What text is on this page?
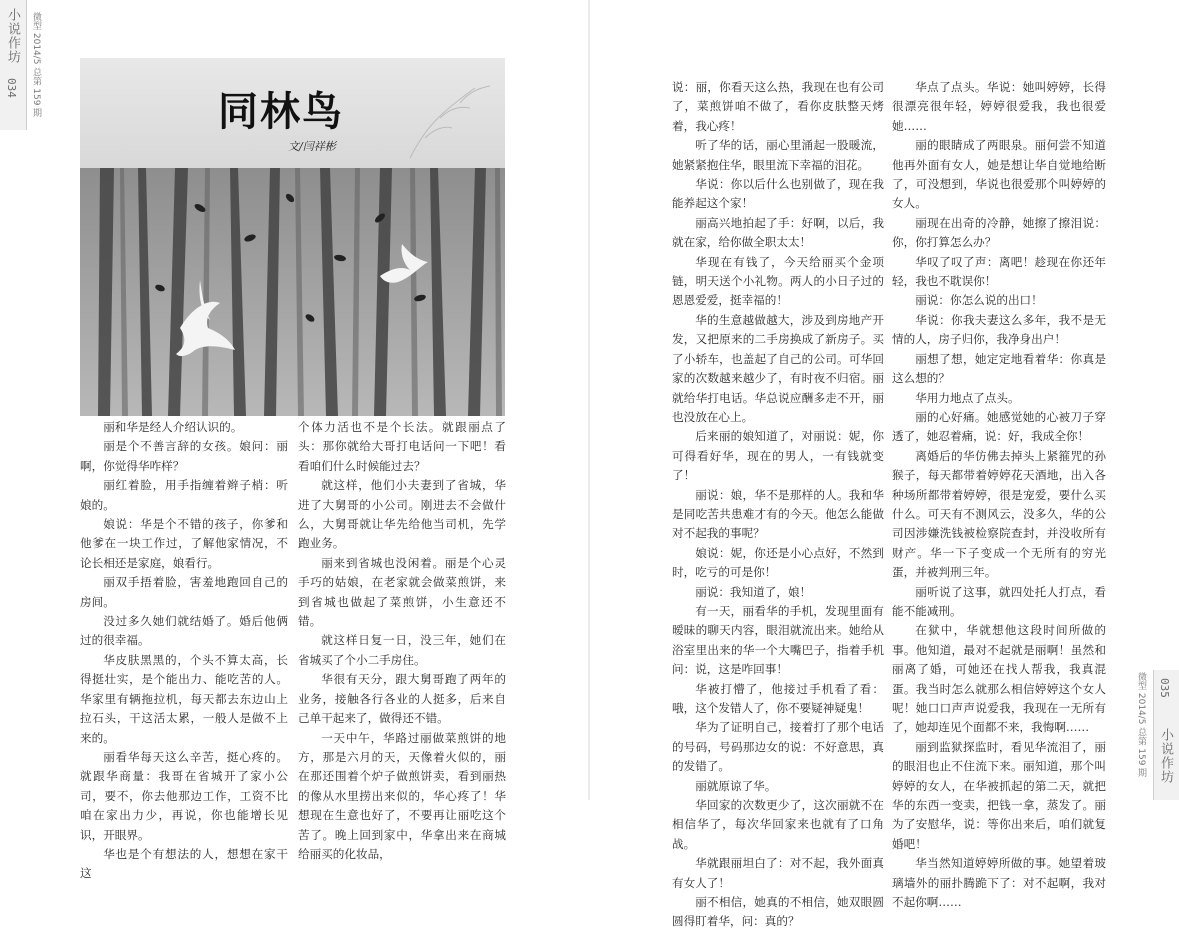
小说作坊
034 微型 2014/5 总第 159 期
小说作坊
035
微型 2014/5 总第 159 期
同林鸟
文/闫祥彬

丽和华是经人介绍认识的。

丽是个不善言辞的女孩。娘问：丽啊，你觉得华咋样？

丽红着脸，用手指缠着辫子梢：听娘的。

娘说：华是个不错的孩子，你爹和他爹在一块工作过，了解他家情况，不论长相还是家庭，娘看行。

丽双手捂着脸，害羞地跑回自己的房间。

没过多久她们就结婚了。婚后他俩过的很幸福。

华皮肤黑黑的，个头不算太高，长得挺壮实，是个能出力、能吃苦的人。华家里有辆拖拉机，每天都去东边山上拉石头，干这活太累，一般人是做不上来的。

丽看华每天这么辛苦，挺心疼的。就跟华商量：我哥在省城开了家小公司，要不，你去他那边工作，工资不比咱在家出力少，再说，你也能增长见识，开眼界。

华也是个有想法的人，想想在家干这

个体力活也不是个长法。就跟丽点了头：那你就给大哥打电话问一下吧！看看咱们什么时候能过去？

就这样，他们小夫妻到了省城，华进了大舅哥的小公司。刚进去不会做什么，大舅哥就让华先给他当司机，先学跑业务。

丽来到省城也没闲着。丽是个心灵手巧的姑娘，在老家就会做菜煎饼，来到省城也做起了菜煎饼，小生意还不错。

就这样日复一日，没三年，她们在省城买了个小二手房住。

华很有天分，跟大舅哥跑了两年的业务，接触各行各业的人挺多，后来自己单干起来了，做得还不错。

一天中午，华路过丽做菜煎饼的地方，那是六月的天，天像着火似的，丽在那还围着个炉子做煎饼卖，看到丽热的像从水里捞出来似的，华心疼了！华想现在生意也好了，不要再让丽吃这个苦了。晚上回到家中，华拿出来在商城给丽买的化妆品，

说：丽，你看天这么热，我现在也有公司了，菜煎饼咱不做了，看你皮肤整天烤着，我心疼！

听了华的话，丽心里涌起一股暖流，她紧紧抱住华，眼里流下幸福的泪花。

华说：你以后什么也别做了，现在我能养起这个家！

丽高兴地拍起了手：好啊，以后，我就在家，给你做全职太太！

华现在有钱了，今天给丽买个金项链，明天送个小礼物。两人的小日子过的恩恩爱爱，挺幸福的！

华的生意越做越大，涉及到房地产开发，又把原来的二手房换成了新房子。买了小轿车，也盖起了自己的公司。可华回家的次数越来越少了，有时夜不归宿。丽就给华打电话。华总说应酬多走不开，丽也没放在心上。

后来丽的娘知道了，对丽说：妮，你可得看好华，现在的男人，一有钱就变了！

丽说：娘，华不是那样的人。我和华是同吃苦共患难才有的今天。他怎么能做对不起我的事呢？

娘说：妮，你还是小心点好，不然到时，吃亏的可是你！

丽说：我知道了，娘！

有一天，丽看华的手机，发现里面有暧昧的聊天内容，眼泪就流出来。她给从浴室里出来的华一个大嘴巴子，指着手机问：说，这是咋回事！

华被打懵了，他接过手机看了看：哦，这个发错人了，你不要疑神疑鬼！

华为了证明自己，接着打了那个电话的号码，号码那边女的说：不好意思，真的发错了。

丽就原谅了华。

华回家的次数更少了，这次丽就不在相信华了，每次华回家来也就有了口角战。

华就跟丽坦白了：对不起，我外面真有女人了！

丽不相信，她真的不相信，她双眼圆圆得盯着华，问：真的？

华点了点头。华说：她叫婷婷，长得很漂亮很年轻，婷婷很爱我，我也很爱她……

丽的眼睛成了两眼泉。丽何尝不知道他再外面有女人，她是想让华自觉地给断了，可没想到，华说也很爱那个叫婷婷的女人。

丽现在出奇的冷静，她擦了擦泪说：你，你打算怎么办？

华叹了叹了声：离吧！趁现在你还年轻，我也不耽误你！

丽说：你怎么说的出口！

华说：你我夫妻这么多年，我不是无情的人，房子归你，我净身出户！

丽想了想，她定定地看着华：你真是这么想的？

华用力地点了点头。

丽的心好痛。她感觉她的心被刀子穿透了，她忍着痛，说：好，我成全你！

离婚后的华仿佛去掉头上紧箍咒的孙猴子，每天都带着婷婷花天酒地，出入各种场所都带着婷婷，很是宠爱，要什么买什么。可天有不测风云，没多久，华的公司因涉嫌洗钱被检察院查封，并没收所有财产。华一下子变成一个无所有的穷光蛋，并被判刑三年。

丽听说了这事，就四处托人打点，看能不能减刑。

在狱中，华就想他这段时间所做的事。他知道，最对不起就是丽啊！虽然和丽离了婚，可她还在找人帮我，我真混蛋。我当时怎么就那么相信婷婷这个女人呢！她口口声声说爱我，我现在一无所有了，她却连见个面都不来，我悔啊……

丽到监狱探监时，看见华流泪了，丽的眼泪也止不住流下来。丽知道，那个叫婷婷的女人，在华被抓起的第二天，就把华的东西一变卖，把钱一拿，蒸发了。丽为了安慰华，说：等你出来后，咱们就复婚吧！

华当然知道婷婷所做的事。她望着玻璃墙外的丽扑腾跪下了：对不起啊，我对不起你啊……
